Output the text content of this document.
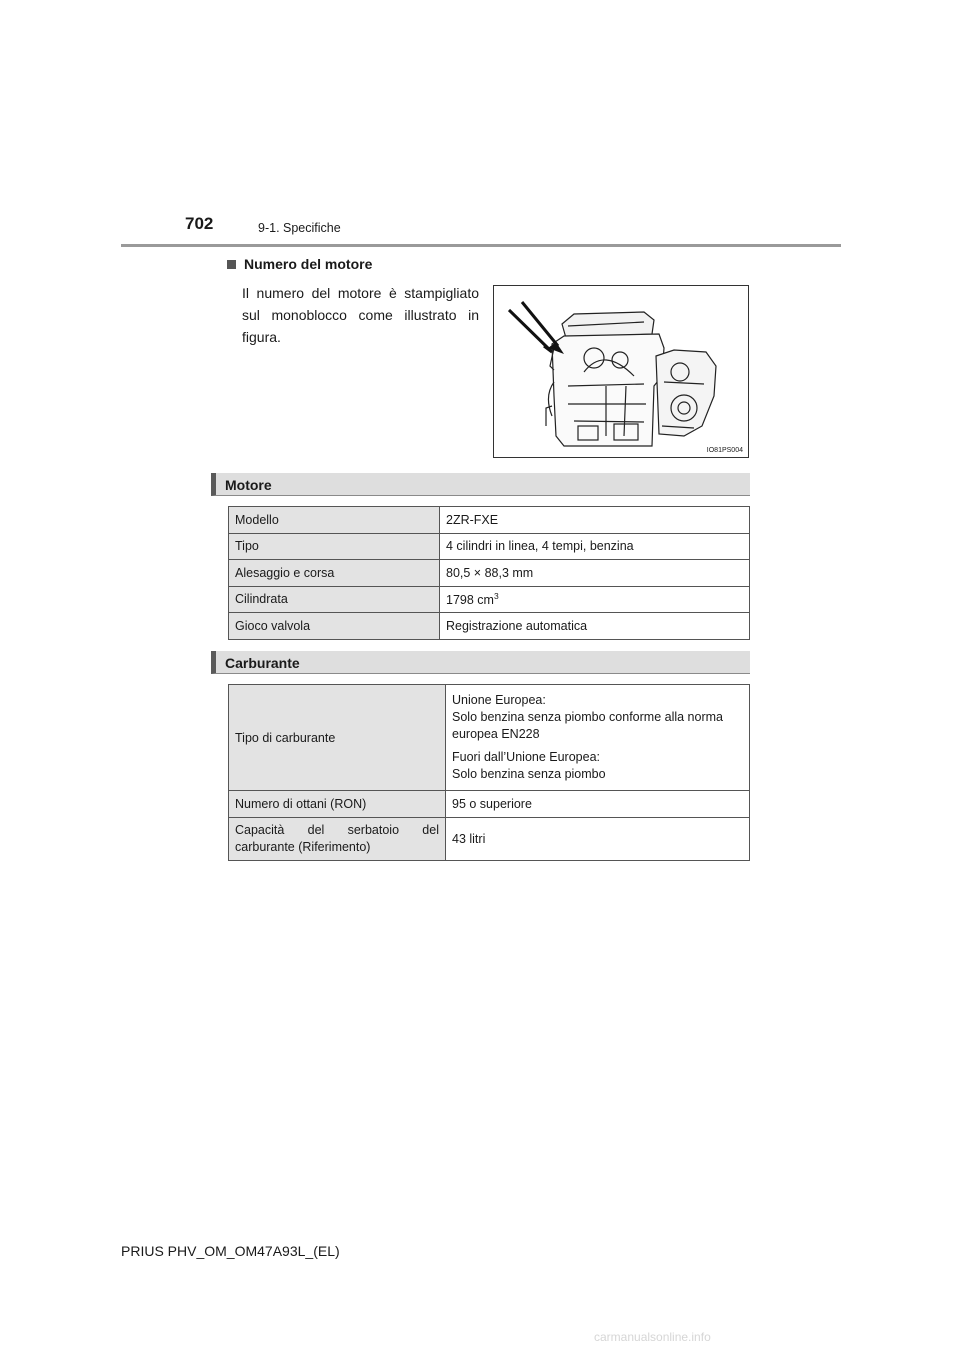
702	9-1. Specifiche
Numero del motore
Il numero del motore è stampigliato sul monoblocco come illustrato in figura.
IO81PS004
Motore
Modello	2ZR-FXE
Tipo	4 cilindri in linea, 4 tempi, benzina
Alesaggio e corsa	80,5 × 88,3 mm
Cilindrata	1798 $cm^3$
Gioco valvola	Registrazione automatica
Carburante
Tipo di carburante	Unione Europea:

Solo benzina senza piombo conforme alla norma europea EN228

Fuori dall’Unione Europea:

Solo benzina senza piombo

Numero di ottani (RON)	95 o superiore
Capacità del serbatoio del carburante (Riferimento)	43 litri
PRIUS PHV_OM_OM47A93L_(EL)
carmanualsonline.info
